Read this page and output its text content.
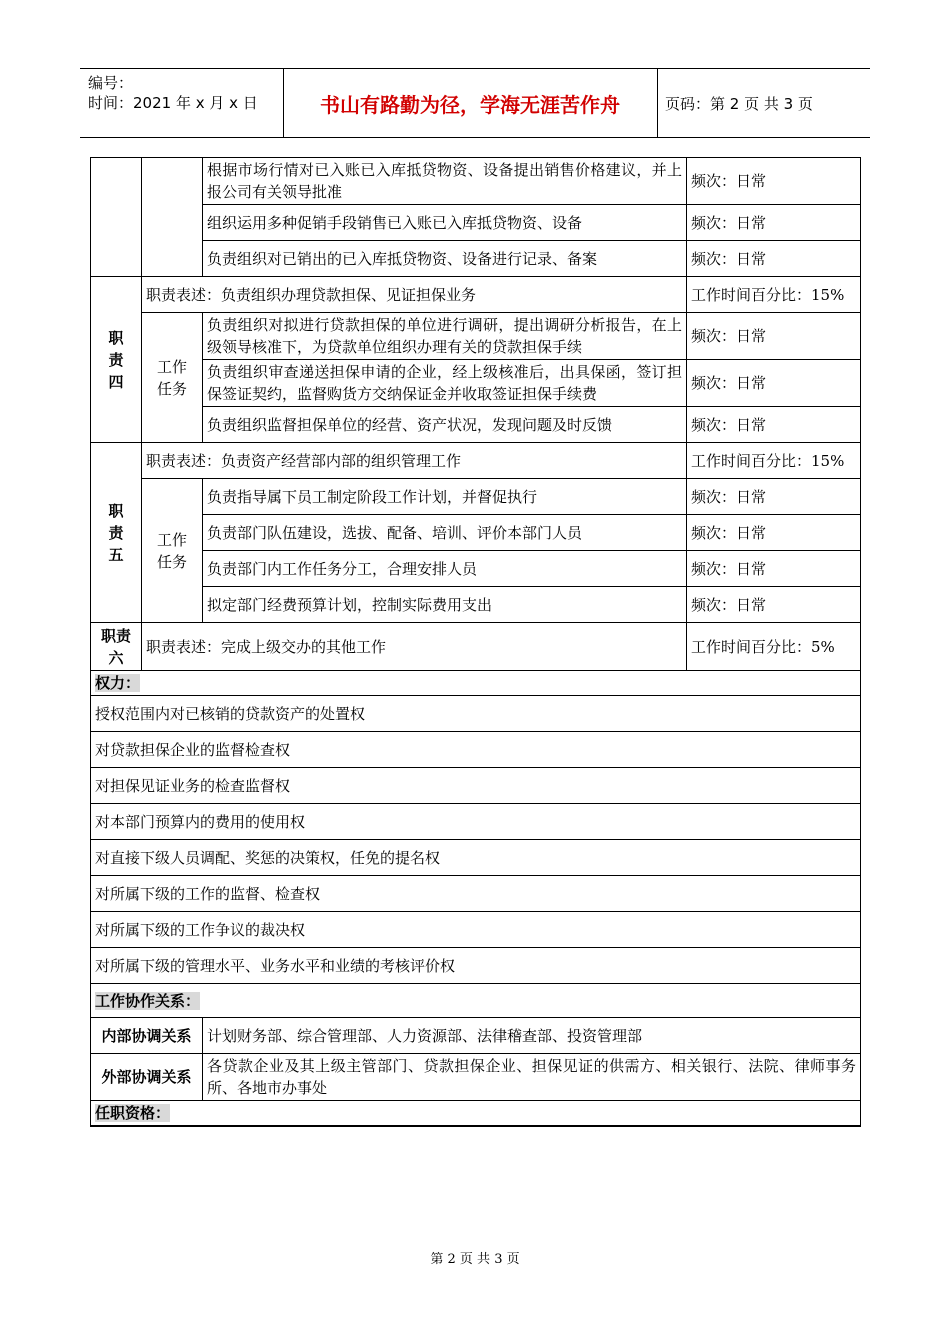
编号：
时间：2021 年 x 月 x 日	书山有路勤为径，学海无涯苦作舟	页码：第 2 页 共 3 页
		根据市场行情对已入账已入库抵贷物资、设备提出销售价格建议，并上报公司有关领导批准	频次：日常
		组织运用多种促销手段销售已入账已入库抵贷物资、设备	频次：日常
		负责组织对已销出的已入库抵贷物资、设备进行记录、备案	频次：日常

职责四	职责表述：负责组织办理贷款担保、见证担保业务		工作时间百分比：15%

	工作任务	负责组织对拟进行贷款担保的单位进行调研，提出调研分析报告，在上级领导核准下，为贷款单位组织办理有关的贷款担保手续	频次：日常
		负责组织审查递送担保申请的企业，经上级核准后，出具保函，签订担保签证契约，监督购货方交纳保证金并收取签证担保手续费	频次：日常
		负责组织监督担保单位的经营、资产状况，发现问题及时反馈	频次：日常

职责五	职责表述：负责资产经营部内部的组织管理工作		工作时间百分比：15%

	工作任务	负责指导属下员工制定阶段工作计划，并督促执行	频次：日常
		负责部门队伍建设，选拔、配备、培训、评价本部门人员	频次：日常
		负责部门内工作任务分工，合理安排人员	频次：日常
		拟定部门经费预算计划，控制实际费用支出	频次：日常

职责六	职责表述：完成上级交办的其他工作		工作时间百分比：5%
权力：			
授权范围内对已核销的贷款资产的处置权			
对贷款担保企业的监督检查权			
对担保见证业务的检查监督权			
对本部门预算内的费用的使用权			
对直接下级人员调配、奖惩的决策权，任免的提名权			
对所属下级的工作的监督、检查权			
对所属下级的工作争议的裁决权			
对所属下级的管理水平、业务水平和业绩的考核评价权			
工作协作关系：			
内部协调关系		计划财务部、综合管理部、人力资源部、法律稽查部、投资管理部	
外部协调关系		各贷款企业及其上级主管部门、贷款担保企业、担保见证的供需方、相关银行、法院、律师事务所、各地市办事处	
任职资格：			
第 2 页 共 3 页
